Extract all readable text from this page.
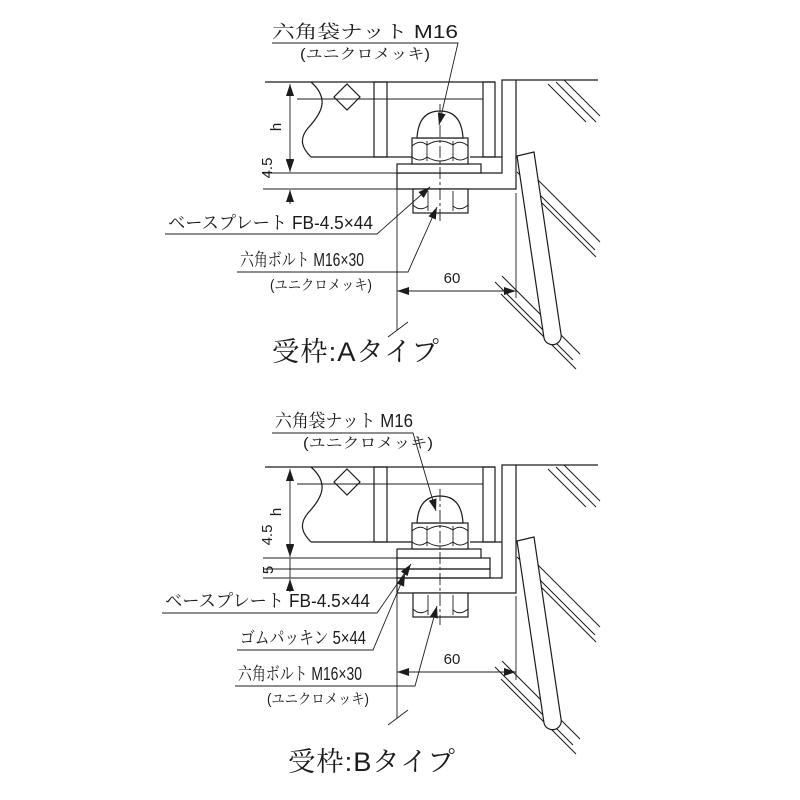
h
4.5
60
六角袋ナット M16
(ユニクロメッキ)
ベースプレート FB-4.5×44
六角ボルト M16×30
(ユニクロメッキ)
受枠:Aタイプ
h
4.5
5
60
六角袋ナット M16
(ユニクロメッキ)
ベースプレート FB-4.5×44
ゴムパッキン 5×44
六角ボルト M16×30
(ユニクロメッキ)
受枠:Bタイプ
